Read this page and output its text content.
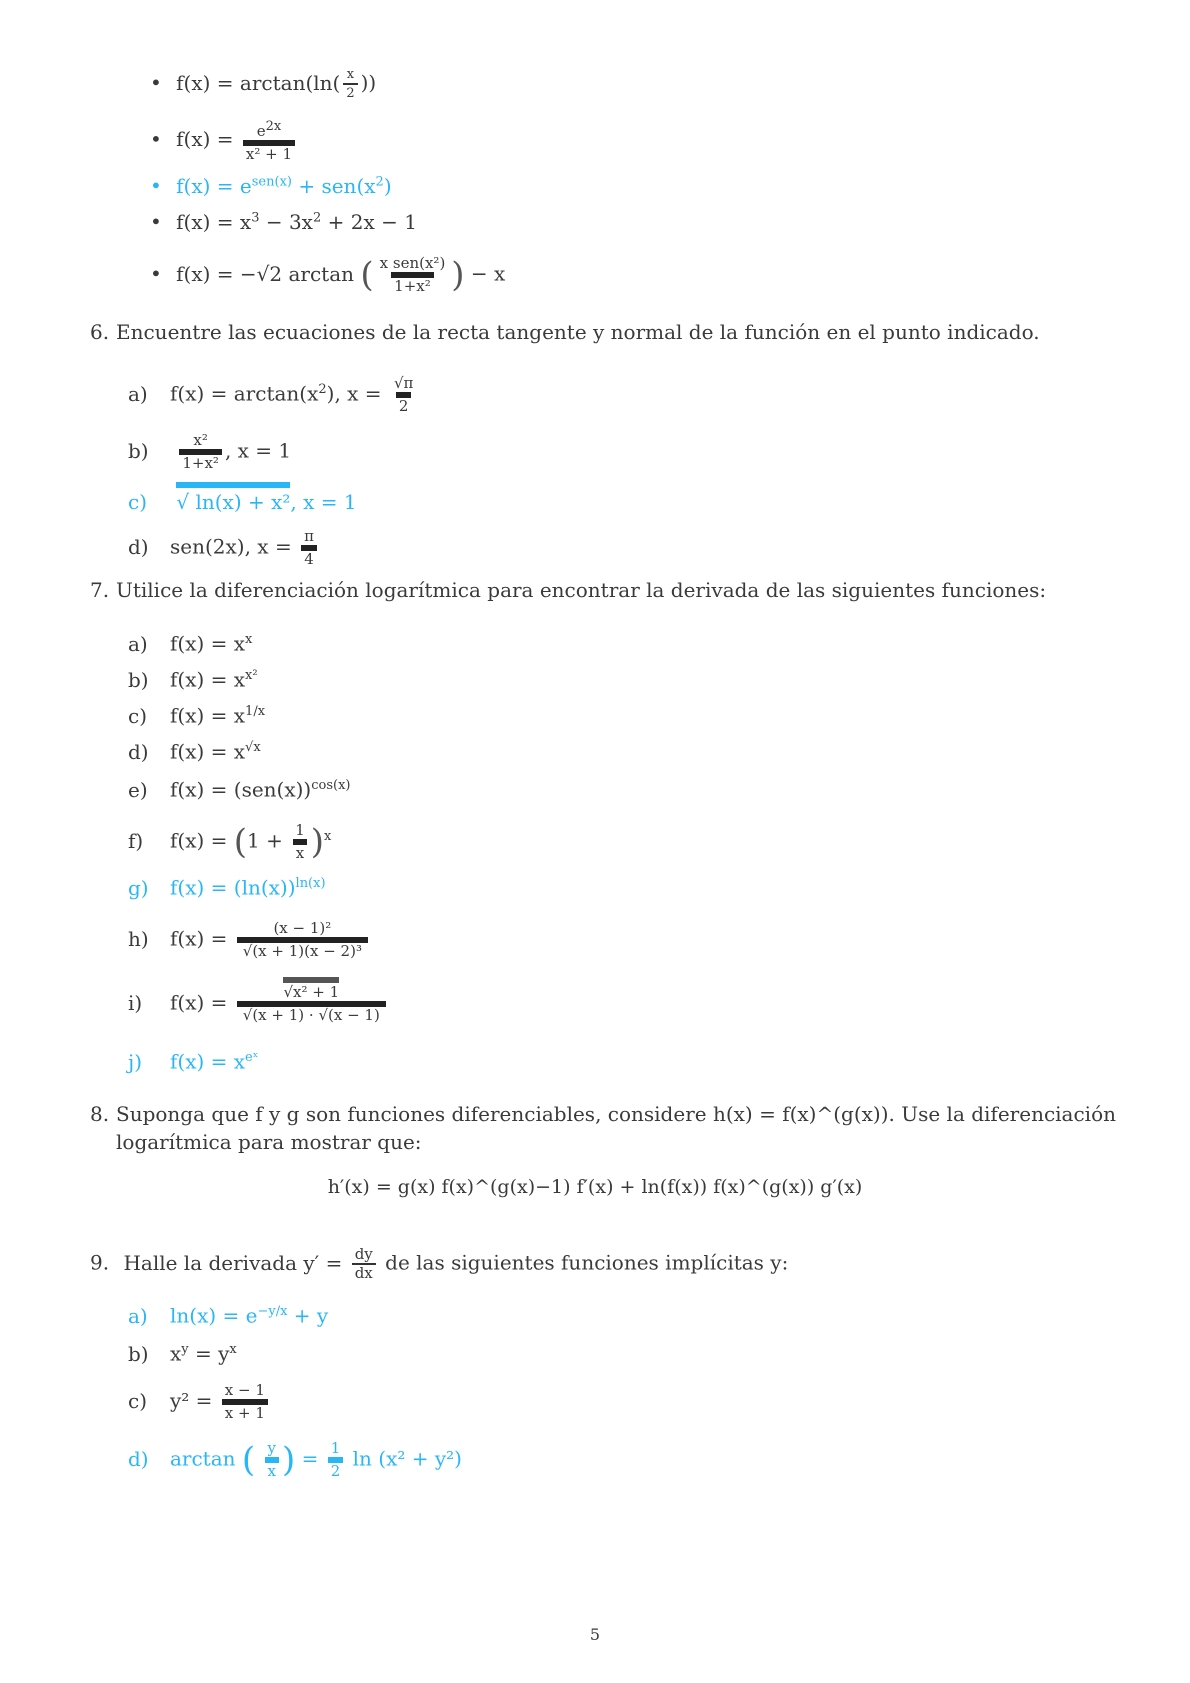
• $f(x) = \arctan(\ln( \frac{x}{2}$ ))
• $f(x) = \frac{e^{2x}}{\text{x² + 1}}$
• $f(x) = e^{sen(x)} + sen(x^2)$
• $f(x) = x^3 - 3x^2 + 2x - 1$
• f(x) = −√2 arctan ( $\frac{\text{x sen(x²)}}{\text{1+x²}}$ ) − x
6. Encuentre las ecuaciones de la recta tangente y normal de la función en el punto indicado.
a) $f(x) = \arctan(x^2)$, $x = \frac{√\pi}{2}$
$b) \frac{\text{x²}}{\text{1+x²}}$ , x = 1
c) √ ln(x) + x², x = 1
d) sen(2x), $x = \frac{\pi}{4}$
7. Utilice la diferenciación logarítmica para encontrar la derivada de las siguientes funciones:
a) $f(x) = x^x$
b) $f(x) = x^{x^2}$
c) $f(x) = x^{1/x}$
d) $f(x) = x^{√x}$
e) $f(x) = (sen(x))^{cos(x)}$
f) $f(x) = (1 + \frac{1}{x} )^x$
g) $f(x) = (\ln(x))^{ln(x)}$
h) $f(x) = \frac{\text{(x − 1)²}}{\text{√(x + 1)(x − 2)³}}$
i) $f(x) = \frac{\text{√x² + 1}}{√(x + 1) \cdot √(x - 1)}$
j) $f(x) = x^{eˣ}$
8. Suponga que f y g son funciones diferenciables, considere h(x) = f(x)^(g(x)). Use la diferenciación logarítmica para mostrar que:
h′(x) = g(x) f(x)^(g(x)−1) f′(x) + ln(f(x)) f(x)^(g(x)) g′(x)
9. Halle la derivada $y' = \frac{dy}{dx}$ de las siguientes funciones implícitas y:
a) $\ln(x) = e^{-y/x} + y$
b) $x^y = y^x$
c) $y^2 = \frac{x - 1}{x + 1}$
d) arctan ( $\frac{y}{x}$ ) = $\frac{1}{2}$ ln (x² + y²)
5
